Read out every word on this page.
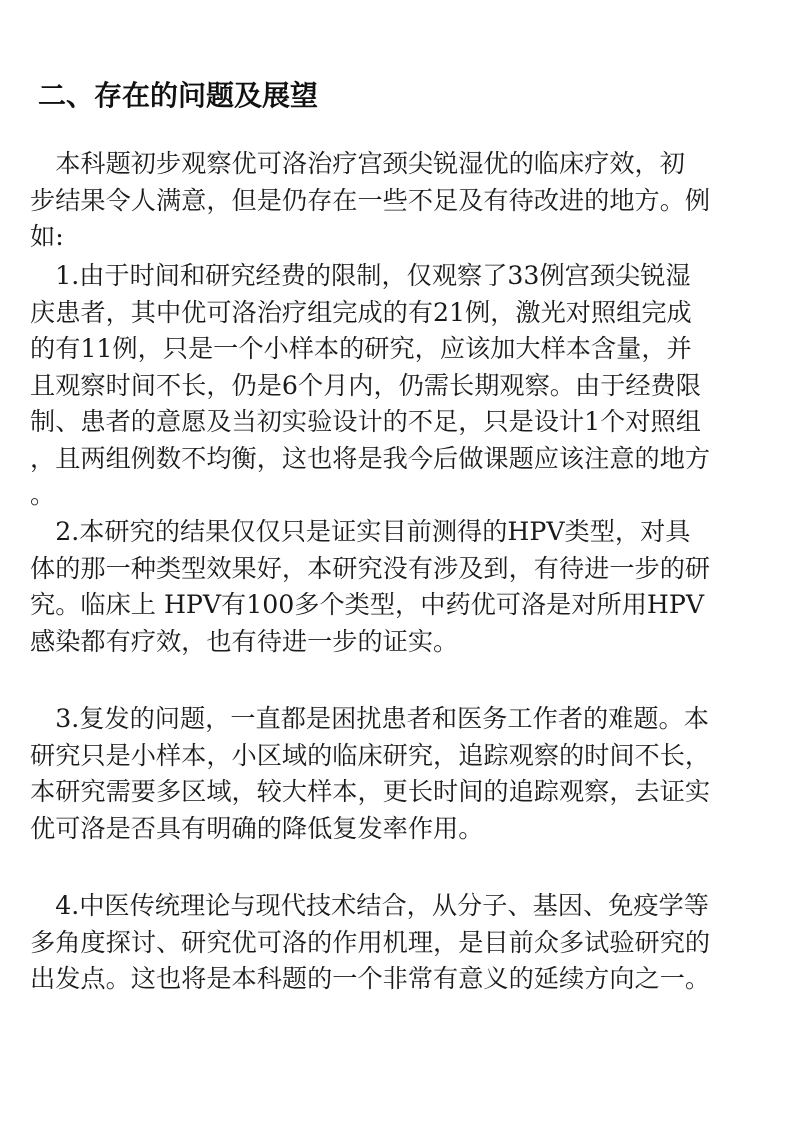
二、存在的问题及展望
　本科题初步观察优可洛治疗宫颈尖锐湿优的临床疗效，初
步结果令人满意，但是仍存在一些不足及有待改进的地方。例
如:
　1.由于时间和研究经费的限制，仅观察了33例宫颈尖锐湿
庆患者，其中优可洛治疗组完成的有21例，激光对照组完成
的有11例，只是一个小样本的研究，应该加大样本含量，并
且观察时间不长，仍是6个月内，仍需长期观察。由于经费限
制、患者的意愿及当初实验设计的不足，只是设计1个对照组
，且两组例数不均衡，这也将是我今后做课题应该注意的地方
。
　2.本研究的结果仅仅只是证实目前测得的HPV类型，对具
体的那一种类型效果好，本研究没有涉及到，有待进一步的研
究。临床上 HPV有100多个类型，中药优可洛是对所用HPV
感染都有疗效，也有待进一步的证实。
　3.复发的问题，一直都是困扰患者和医务工作者的难题。本
研究只是小样本，小区域的临床研究，追踪观察的时间不长，
本研究需要多区域，较大样本，更长时间的追踪观察，去证实
优可洛是否具有明确的降低复发率作用。
　4.中医传统理论与现代技术结合，从分子、基因、免疫学等
多角度探讨、研究优可洛的作用机理，是目前众多试验研究的
出发点。这也将是本科题的一个非常有意义的延续方向之一。
